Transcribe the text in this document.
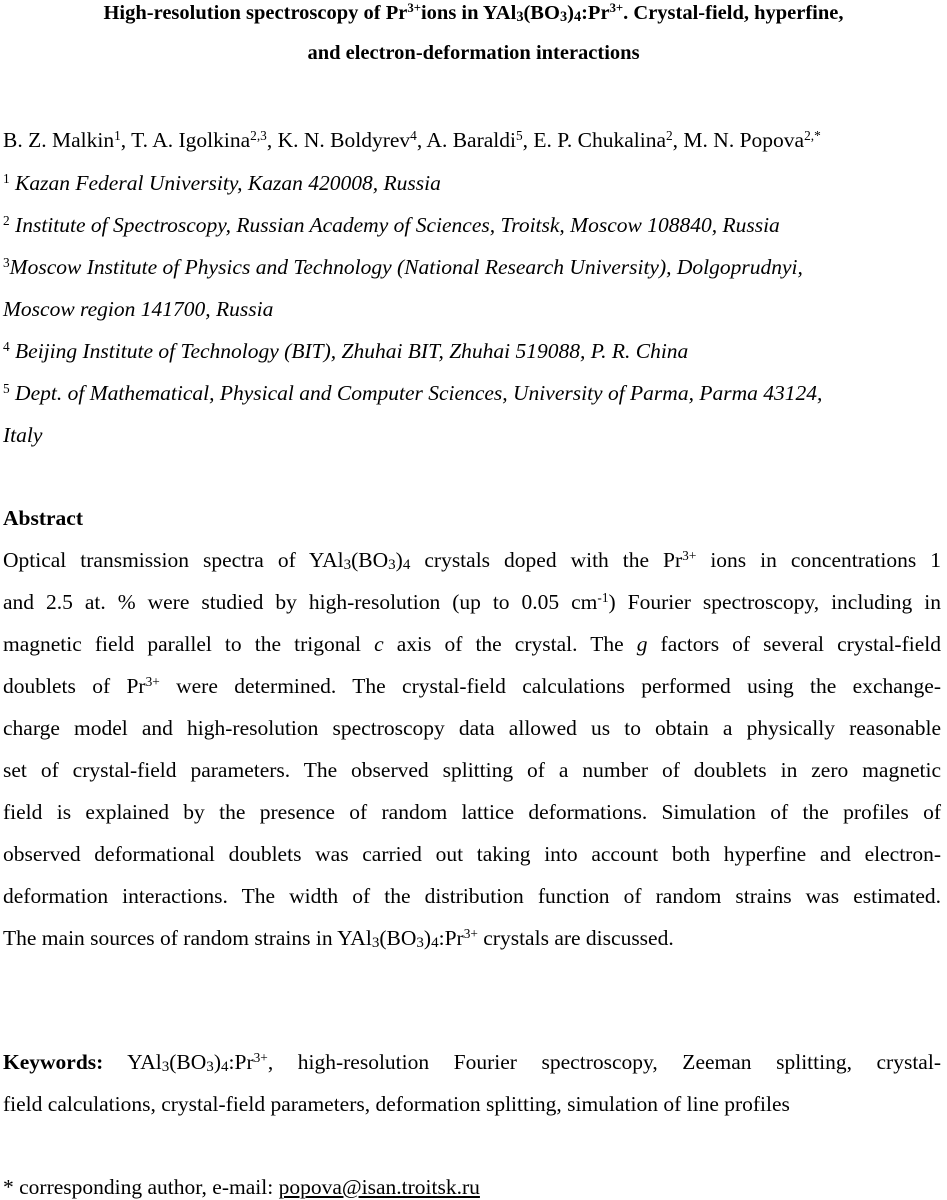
High-resolution spectroscopy of $Pr^{3+}ions$ in $YAl_3(BO_3)_4:Pr^{3+}$. Crystal-field, hyperfine,
and electron-deformation interactions
B. Z. Malkin$^1$, T. A. Igolkina$^{2,3}$, K. N. Boldyrev$^4$, A. Baraldi$^5$, E. P. Chukalina$^2$, M. N. Popova$^{2,*}$
$^1$ Kazan Federal University, Kazan 420008, Russia
$^2$ Institute of Spectroscopy, Russian Academy of Sciences, Troitsk, Moscow 108840, Russia
$^3$Moscow Institute of Physics and Technology (National Research University), Dolgoprudnyi,
Moscow region 141700, Russia
$^4$ Beijing Institute of Technology (BIT), Zhuhai BIT, Zhuhai 519088, P. R. China
$^5$ Dept. of Mathematical, Physical and Computer Sciences, University of Parma, Parma 43124,
Italy
Abstract
Optical transmission spectra of $YAl_3(BO_3)_4$ crystals doped with the $Pr^{3+}$ ions in concentrations 1
and 2.5 at. % were studied by high-resolution (up to 0.05 $cm^{-1}$) Fourier spectroscopy, including in
magnetic field parallel to the trigonal c axis of the crystal. The g factors of several crystal-field
doublets of $Pr^{3+}$ were determined. The crystal-field calculations performed using the exchange-
charge model and high-resolution spectroscopy data allowed us to obtain a physically reasonable
set of crystal-field parameters. The observed splitting of a number of doublets in zero magnetic
field is explained by the presence of random lattice deformations. Simulation of the profiles of
observed deformational doublets was carried out taking into account both hyperfine and electron-
deformation interactions. The width of the distribution function of random strains was estimated.
The main sources of random strains in $YAl_3(BO_3)_4:Pr^{3+}$ crystals are discussed.
Keywords: $YAl_3(BO_3)_4:Pr^{3+}$, high-resolution Fourier spectroscopy, Zeeman splitting, crystal-
field calculations, crystal-field parameters, deformation splitting, simulation of line profiles
* corresponding author, e-mail: popova@isan.troitsk.ru
